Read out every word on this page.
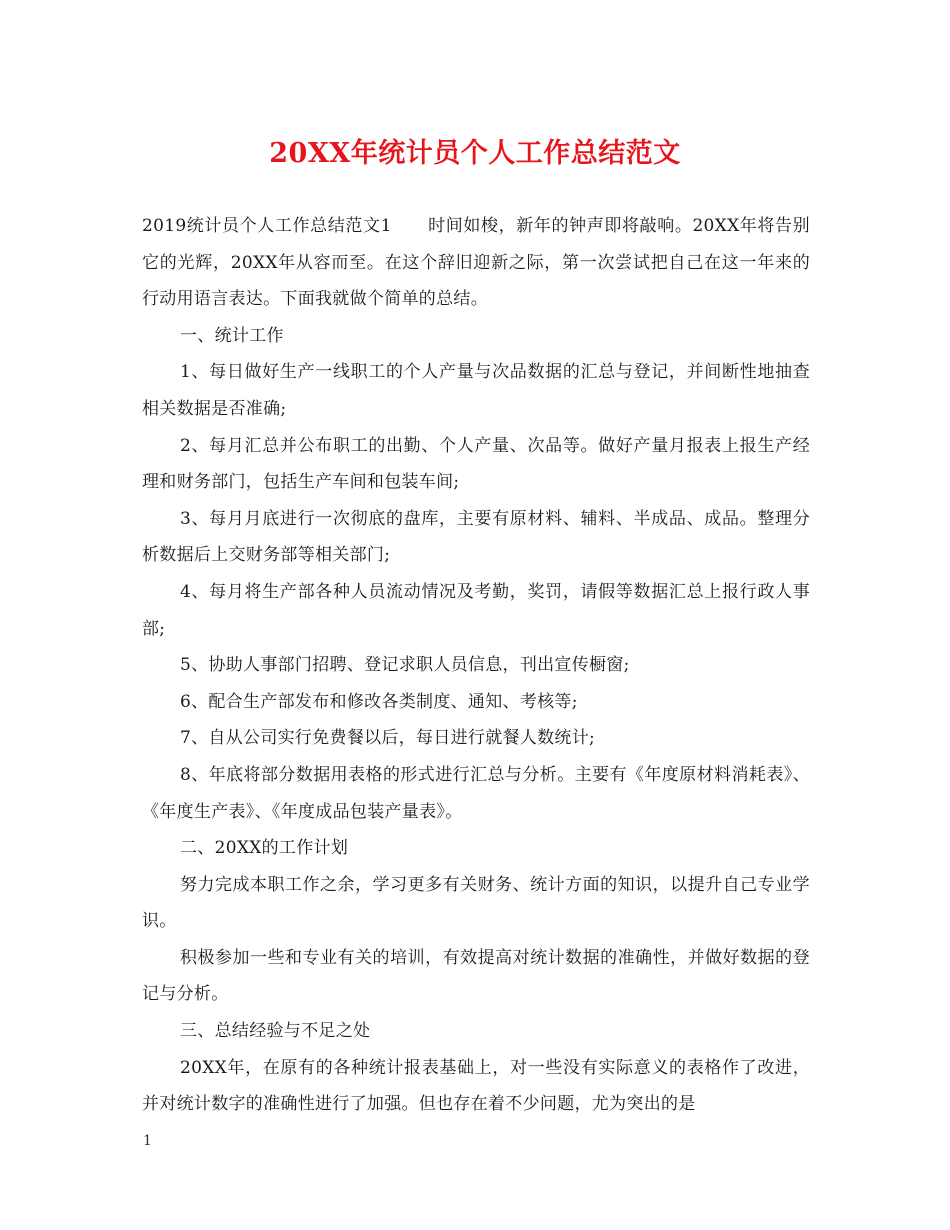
20XX年统计员个人工作总结范文

2019统计员个人工作总结范文1 时间如梭，新年的钟声即将敲响。20XX年将告别它的光辉，20XX年从容而至。在这个辞旧迎新之际，第一次尝试把自己在这一年来的行动用语言表达。下面我就做个简单的总结。

一、统计工作

1、每日做好生产一线职工的个人产量与次品数据的汇总与登记，并间断性地抽查相关数据是否准确;

2、每月汇总并公布职工的出勤、个人产量、次品等。做好产量月报表上报生产经理和财务部门，包括生产车间和包装车间;

3、每月月底进行一次彻底的盘库，主要有原材料、辅料、半成品、成品。整理分析数据后上交财务部等相关部门;

4、每月将生产部各种人员流动情况及考勤，奖罚，请假等数据汇总上报行政人事部;

5、协助人事部门招聘、登记求职人员信息，刊出宣传橱窗;

6、配合生产部发布和修改各类制度、通知、考核等;

7、自从公司实行免费餐以后，每日进行就餐人数统计;

8、年底将部分数据用表格的形式进行汇总与分析。主要有《年度原材料消耗表》、《年度生产表》、《年度成品包装产量表》。

二、20XX的工作计划

努力完成本职工作之余，学习更多有关财务、统计方面的知识，以提升自己专业学识。

积极参加一些和专业有关的培训，有效提高对统计数据的准确性，并做好数据的登记与分析。

三、总结经验与不足之处

20XX年，在原有的各种统计报表基础上，对一些没有实际意义的表格作了改进，并对统计数字的准确性进行了加强。但也存在着不少问题，尤为突出的是

1
